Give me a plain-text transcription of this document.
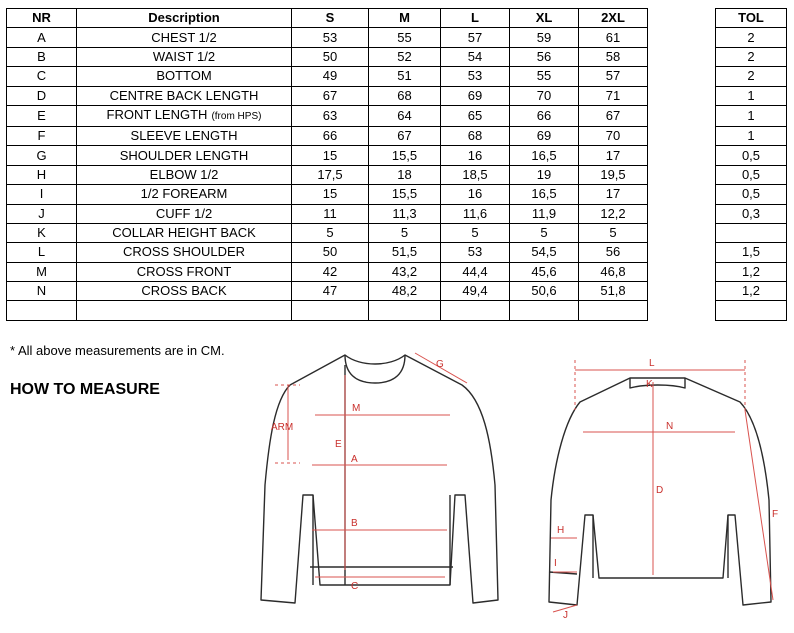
NR	Description	S	M	L	XL	2XL		TOL
A	CHEST 1/2	53	55	57	59	61		2
B	WAIST 1/2	50	52	54	56	58		2
C	BOTTOM	49	51	53	55	57		2
D	CENTRE BACK LENGTH	67	68	69	70	71		1
E	FRONT LENGTH (from HPS)	63	64	65	66	67		1
F	SLEEVE LENGTH	66	67	68	69	70		1
G	SHOULDER LENGTH	15	15,5	16	16,5	17		0,5
H	ELBOW 1/2	17,5	18	18,5	19	19,5		0,5
I	1/2 FOREARM	15	15,5	16	16,5	17		0,5
J	CUFF 1/2	11	11,3	11,6	11,9	12,2		0,3
K	COLLAR HEIGHT BACK	5	5	5	5	5		
L	CROSS SHOULDER	50	51,5	53	54,5	56		1,5
M	CROSS FRONT	42	43,2	44,4	45,6	46,8		1,2
N	CROSS BACK	47	48,2	49,4	50,6	51,8		1,2

* All above measurements are in CM.
HOW TO MEASURE
G
ARM
M
E
A
B
C
L
K
N
D
F
H
I
J
